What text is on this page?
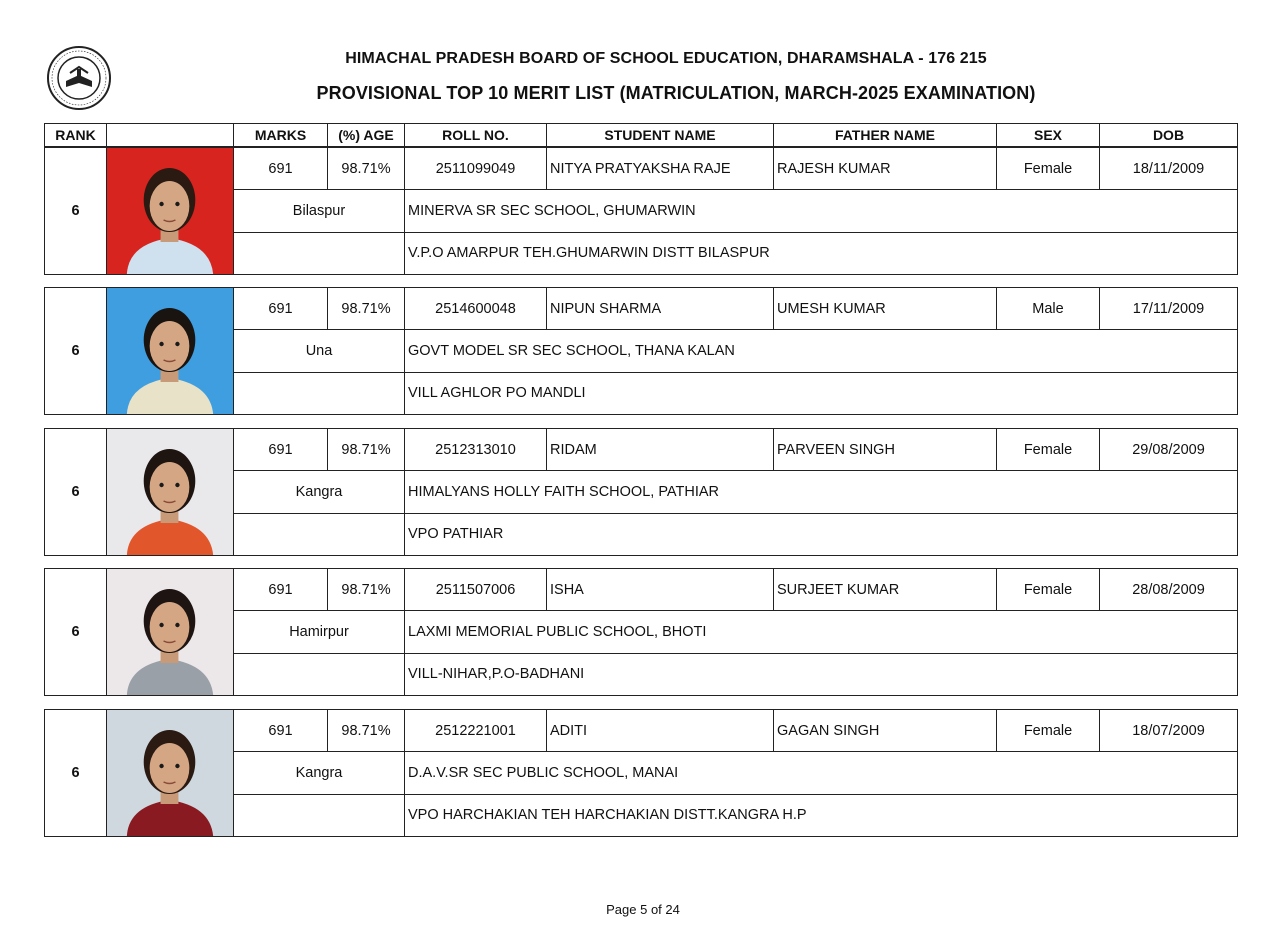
HIMACHAL PRADESH BOARD OF SCHOOL EDUCATION, DHARAMSHALA - 176 215
PROVISIONAL TOP 10 MERIT LIST (MATRICULATION, MARCH-2025 EXAMINATION)
RANK		MARKS	(%) AGE	ROLL NO.	STUDENT NAME	FATHER NAME	SEX	DOB
6		691	98.71%	2511099049	NITYA PRATYAKSHA RAJE	RAJESH KUMAR	Female	18/11/2009
		Bilaspur		MINERVA SR SEC SCHOOL, GHUMARWIN				
				V.P.O AMARPUR TEH.GHUMARWIN DISTT BILASPUR				
6		691	98.71%	2514600048	NIPUN SHARMA	UMESH KUMAR	Male	17/11/2009
		Una		GOVT MODEL SR SEC SCHOOL, THANA KALAN				
				VILL AGHLOR PO MANDLI				
6		691	98.71%	2512313010	RIDAM	PARVEEN SINGH	Female	29/08/2009
		Kangra		HIMALYANS HOLLY FAITH SCHOOL, PATHIAR				
				VPO PATHIAR				
6		691	98.71%	2511507006	ISHA	SURJEET KUMAR	Female	28/08/2009
		Hamirpur		LAXMI MEMORIAL PUBLIC SCHOOL, BHOTI				
				VILL-NIHAR,P.O-BADHANI				
6		691	98.71%	2512221001	ADITI	GAGAN SINGH	Female	18/07/2009
		Kangra		D.A.V.SR SEC PUBLIC SCHOOL, MANAI				
				VPO HARCHAKIAN TEH HARCHAKIAN DISTT.KANGRA H.P				
Page 5 of 24
